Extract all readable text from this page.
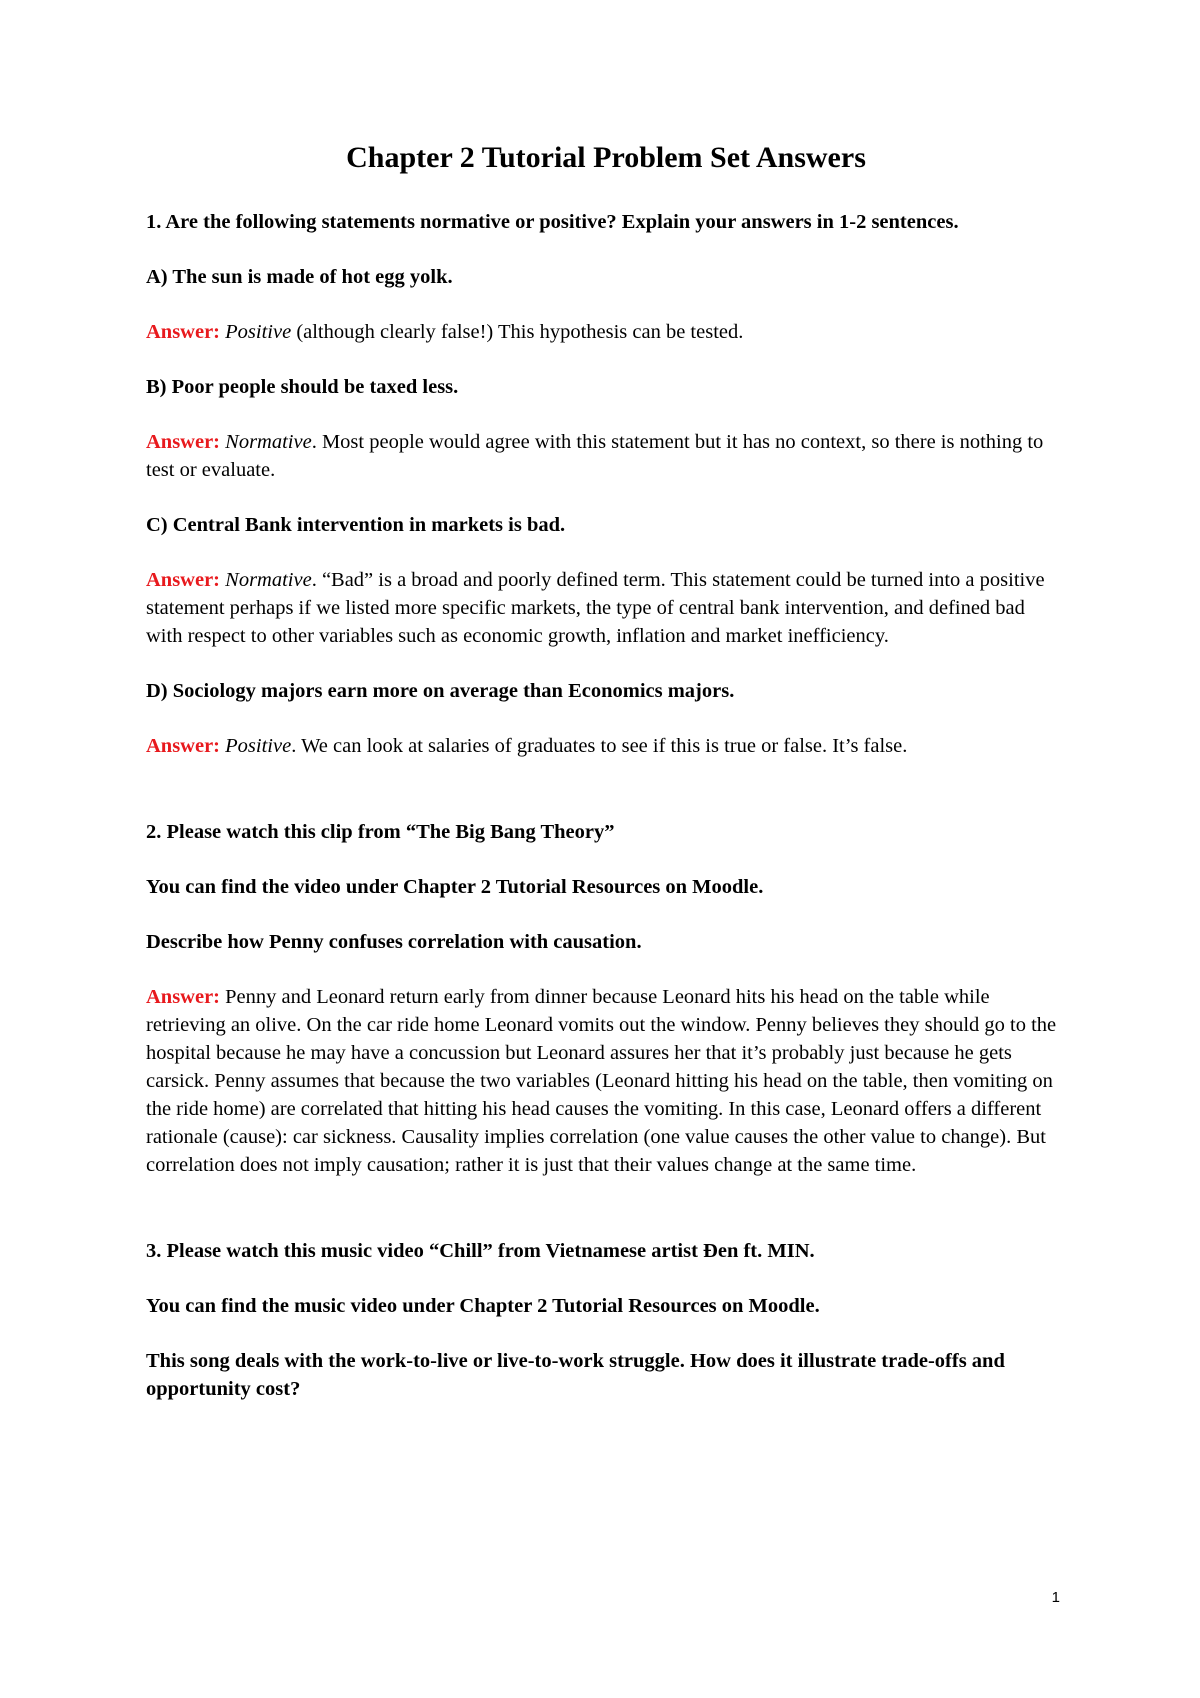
Chapter 2 Tutorial Problem Set Answers

1. Are the following statements normative or positive? Explain your answers in 1-2 sentences.

A) The sun is made of hot egg yolk.

Answer: Positive (although clearly false!) This hypothesis can be tested.

B) Poor people should be taxed less.

Answer: Normative. Most people would agree with this statement but it has no context, so there is nothing to test or evaluate.

C) Central Bank intervention in markets is bad.

Answer: Normative. “Bad” is a broad and poorly defined term. This statement could be turned into a positive statement perhaps if we listed more specific markets, the type of central bank intervention, and defined bad with respect to other variables such as economic growth, inflation and market inefficiency.

D) Sociology majors earn more on average than Economics majors.

Answer: Positive. We can look at salaries of graduates to see if this is true or false. It’s false.

2. Please watch this clip from “The Big Bang Theory”

You can find the video under Chapter 2 Tutorial Resources on Moodle.

Describe how Penny confuses correlation with causation.

Answer: Penny and Leonard return early from dinner because Leonard hits his head on the table while retrieving an olive. On the car ride home Leonard vomits out the window. Penny believes they should go to the hospital because he may have a concussion but Leonard assures her that it’s probably just because he gets carsick. Penny assumes that because the two variables (Leonard hitting his head on the table, then vomiting on the ride home) are correlated that hitting his head causes the vomiting. In this case, Leonard offers a different rationale (cause): car sickness. Causality implies correlation (one value causes the other value to change). But correlation does not imply causation; rather it is just that their values change at the same time.

3. Please watch this music video “Chill” from Vietnamese artist Đen ft. MIN.

You can find the music video under Chapter 2 Tutorial Resources on Moodle.

This song deals with the work-to-live or live-to-work struggle. How does it illustrate trade-offs and opportunity cost?

1
